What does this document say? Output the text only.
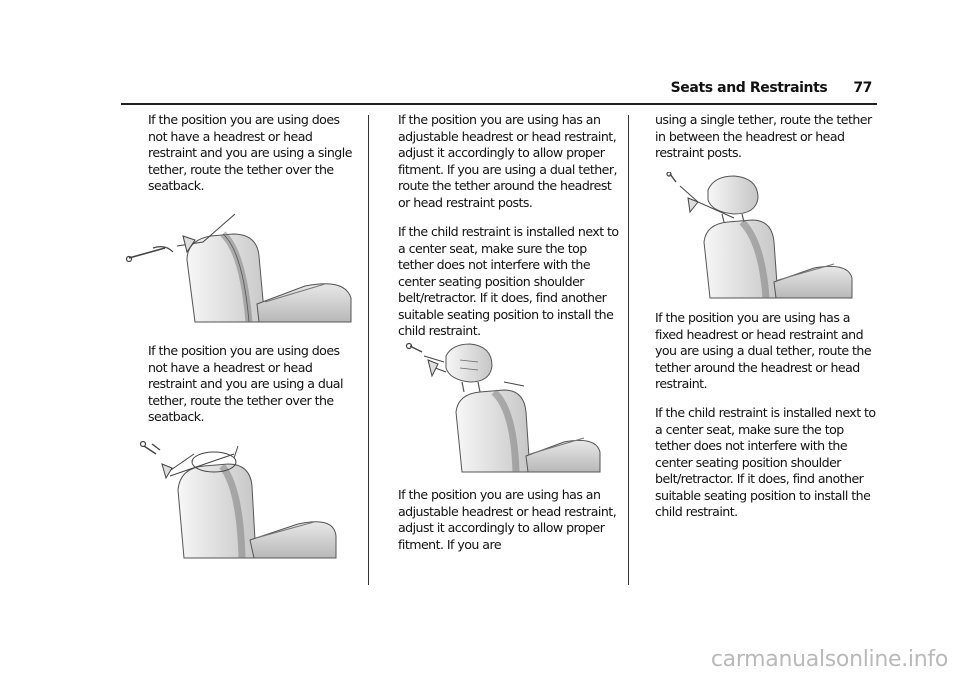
Seats and Restraints 77

If the position you are using does not have a headrest or head restraint and you are using a single tether, route the tether over the seatback.

If the position you are using does not have a headrest or head restraint and you are using a dual tether, route the tether over the seatback.

If the position you are using has an adjustable headrest or head restraint, adjust it accordingly to allow proper fitment. If you are using a dual tether, route the tether around the headrest or head restraint posts.

If the child restraint is installed next to a center seat, make sure the top tether does not interfere with the center seating position shoulder belt/retractor. If it does, find another suitable seating position to install the child restraint.

If the position you are using has an adjustable headrest or head restraint, adjust it accordingly to allow proper fitment. If you are

using a single tether, route the tether in between the headrest or head restraint posts.

If the position you are using has a fixed headrest or head restraint and you are using a dual tether, route the tether around the headrest or head restraint.

If the child restraint is installed next to a center seat, make sure the top tether does not interfere with the center seating position shoulder belt/retractor. If it does, find another suitable seating position to install the child restraint.

carmanualsonline.info
